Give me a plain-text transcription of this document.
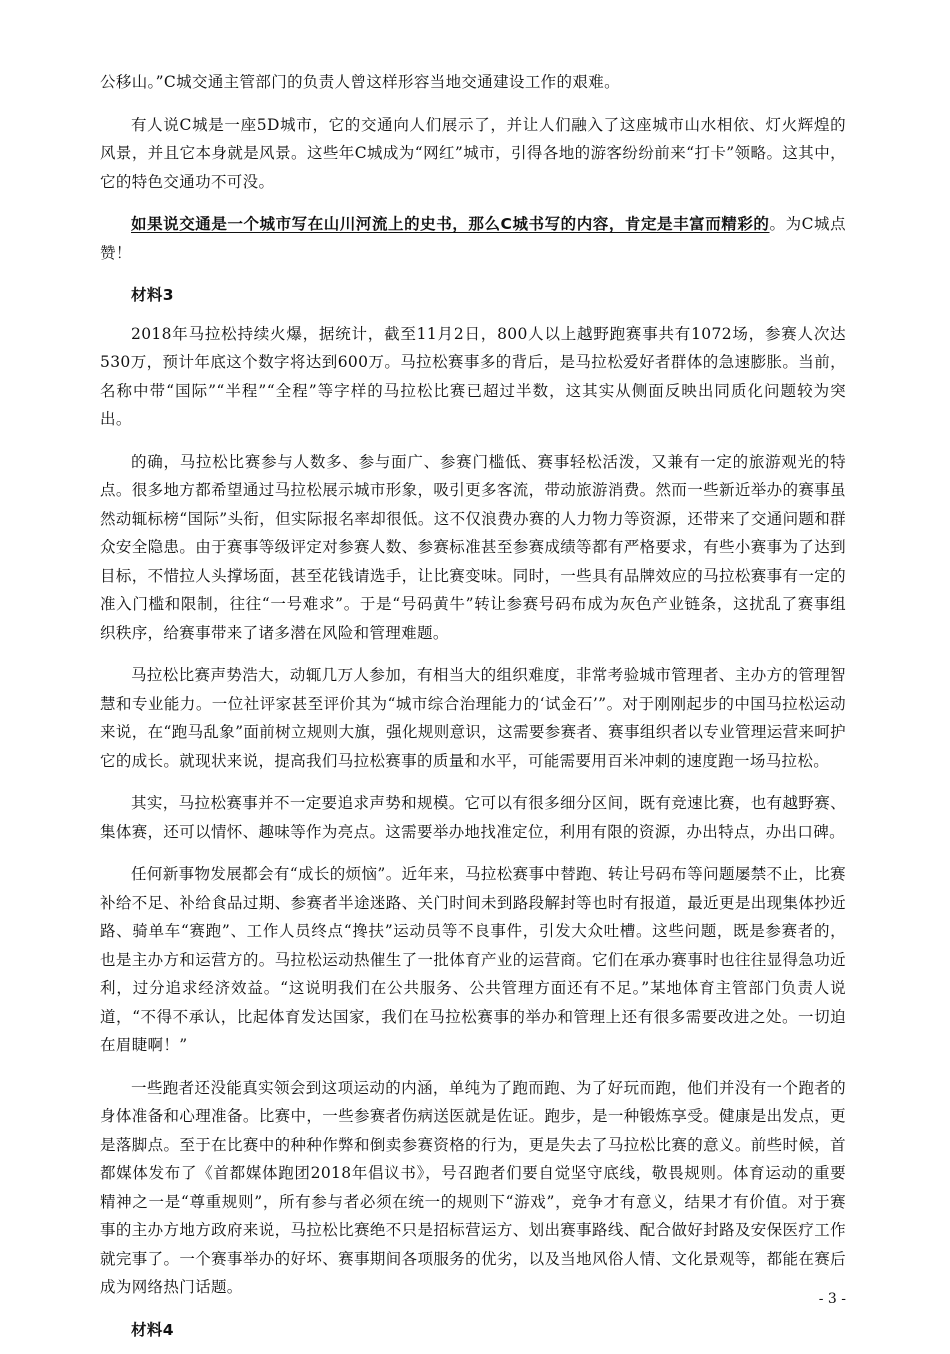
公移山。”C城交通主管部门的负责人曾这样形容当地交通建设工作的艰难。

有人说C城是一座5D城市，它的交通向人们展示了，并让人们融入了这座城市山水相依、灯火辉煌的风景，并且它本身就是风景。这些年C城成为“网红”城市，引得各地的游客纷纷前来“打卡”领略。这其中，它的特色交通功不可没。

如果说交通是一个城市写在山川河流上的史书，那么C城书写的内容，肯定是丰富而精彩的。为C城点赞！

材料3

2018年马拉松持续火爆，据统计，截至11月2日，800人以上越野跑赛事共有1072场，参赛人次达530万，预计年底这个数字将达到600万。马拉松赛事多的背后，是马拉松爱好者群体的急速膨胀。当前，名称中带“国际”“半程”“全程”等字样的马拉松比赛已超过半数，这其实从侧面反映出同质化问题较为突出。

的确，马拉松比赛参与人数多、参与面广、参赛门槛低、赛事轻松活泼，又兼有一定的旅游观光的特点。很多地方都希望通过马拉松展示城市形象，吸引更多客流，带动旅游消费。然而一些新近举办的赛事虽然动辄标榜“国际”头衔，但实际报名率却很低。这不仅浪费办赛的人力物力等资源，还带来了交通问题和群众安全隐患。由于赛事等级评定对参赛人数、参赛标准甚至参赛成绩等都有严格要求，有些小赛事为了达到目标，不惜拉人头撑场面，甚至花钱请选手，让比赛变味。同时，一些具有品牌效应的马拉松赛事有一定的准入门槛和限制，往往“一号难求”。于是“号码黄牛”转让参赛号码布成为灰色产业链条，这扰乱了赛事组织秩序，给赛事带来了诸多潜在风险和管理难题。

马拉松比赛声势浩大，动辄几万人参加，有相当大的组织难度，非常考验城市管理者、主办方的管理智慧和专业能力。一位社评家甚至评价其为“城市综合治理能力的‘试金石’”。对于刚刚起步的中国马拉松运动来说，在“跑马乱象”面前树立规则大旗，强化规则意识，这需要参赛者、赛事组织者以专业管理运营来呵护它的成长。就现状来说，提高我们马拉松赛事的质量和水平，可能需要用百米冲刺的速度跑一场马拉松。

其实，马拉松赛事并不一定要追求声势和规模。它可以有很多细分区间，既有竞速比赛，也有越野赛、集体赛，还可以情怀、趣味等作为亮点。这需要举办地找准定位，利用有限的资源，办出特点，办出口碑。

任何新事物发展都会有“成长的烦恼”。近年来，马拉松赛事中替跑、转让号码布等问题屡禁不止，比赛补给不足、补给食品过期、参赛者半途迷路、关门时间未到路段解封等也时有报道，最近更是出现集体抄近路、骑单车“赛跑”、工作人员终点“搀扶”运动员等不良事件，引发大众吐槽。这些问题，既是参赛者的，也是主办方和运营方的。马拉松运动热催生了一批体育产业的运营商。它们在承办赛事时也往往显得急功近利，过分追求经济效益。“这说明我们在公共服务、公共管理方面还有不足。”某地体育主管部门负责人说道，“不得不承认，比起体育发达国家，我们在马拉松赛事的举办和管理上还有很多需要改进之处。一切迫在眉睫啊！”

一些跑者还没能真实领会到这项运动的内涵，单纯为了跑而跑、为了好玩而跑，他们并没有一个跑者的身体准备和心理准备。比赛中，一些参赛者伤病送医就是佐证。跑步，是一种锻炼享受。健康是出发点，更是落脚点。至于在比赛中的种种作弊和倒卖参赛资格的行为，更是失去了马拉松比赛的意义。前些时候，首都媒体发布了《首都媒体跑团2018年倡议书》，号召跑者们要自觉坚守底线，敬畏规则。体育运动的重要精神之一是“尊重规则”，所有参与者必须在统一的规则下“游戏”，竞争才有意义，结果才有价值。对于赛事的主办方地方政府来说，马拉松比赛绝不只是招标营运方、划出赛事路线、配合做好封路及安保医疗工作就完事了。一个赛事举办的好坏、赛事期间各项服务的优劣，以及当地风俗人情、文化景观等，都能在赛后成为网络热门话题。

材料4

- 3 -
